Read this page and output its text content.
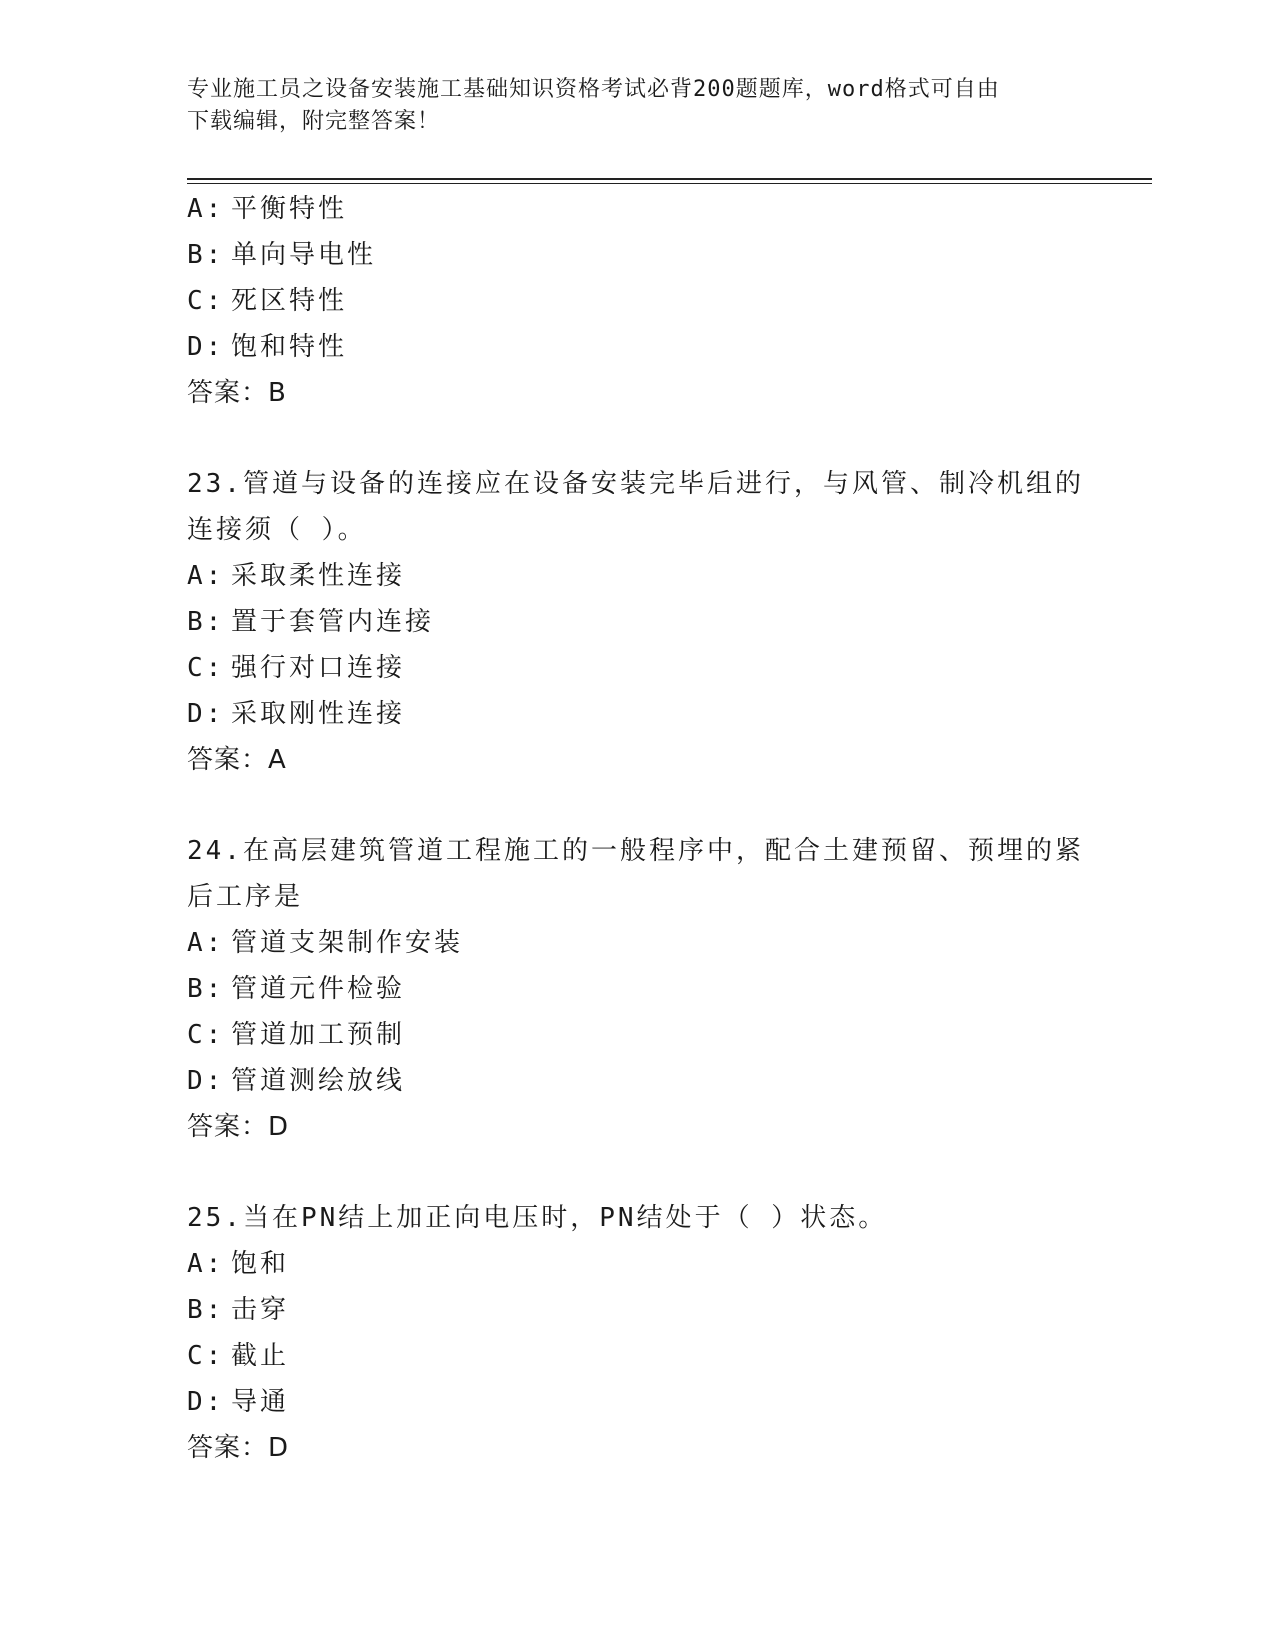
专业施工员之设备安装施工基础知识资格考试必背200题题库，word格式可自由
下载编辑，附完整答案！
A: 平衡特性
B: 单向导电性
C: 死区特性
D: 饱和特性
答案：B
23.管道与设备的连接应在设备安装完毕后进行，与风管、制冷机组的
连接须（ ）。
A: 采取柔性连接
B: 置于套管内连接
C: 强行对口连接
D: 采取刚性连接
答案：A
24.在高层建筑管道工程施工的一般程序中，配合土建预留、预埋的紧
后工序是
A: 管道支架制作安装
B: 管道元件检验
C: 管道加工预制
D: 管道测绘放线
答案：D
25.当在PN结上加正向电压时，PN结处于（ ）状态。
A: 饱和
B: 击穿
C: 截止
D: 导通
答案：D
